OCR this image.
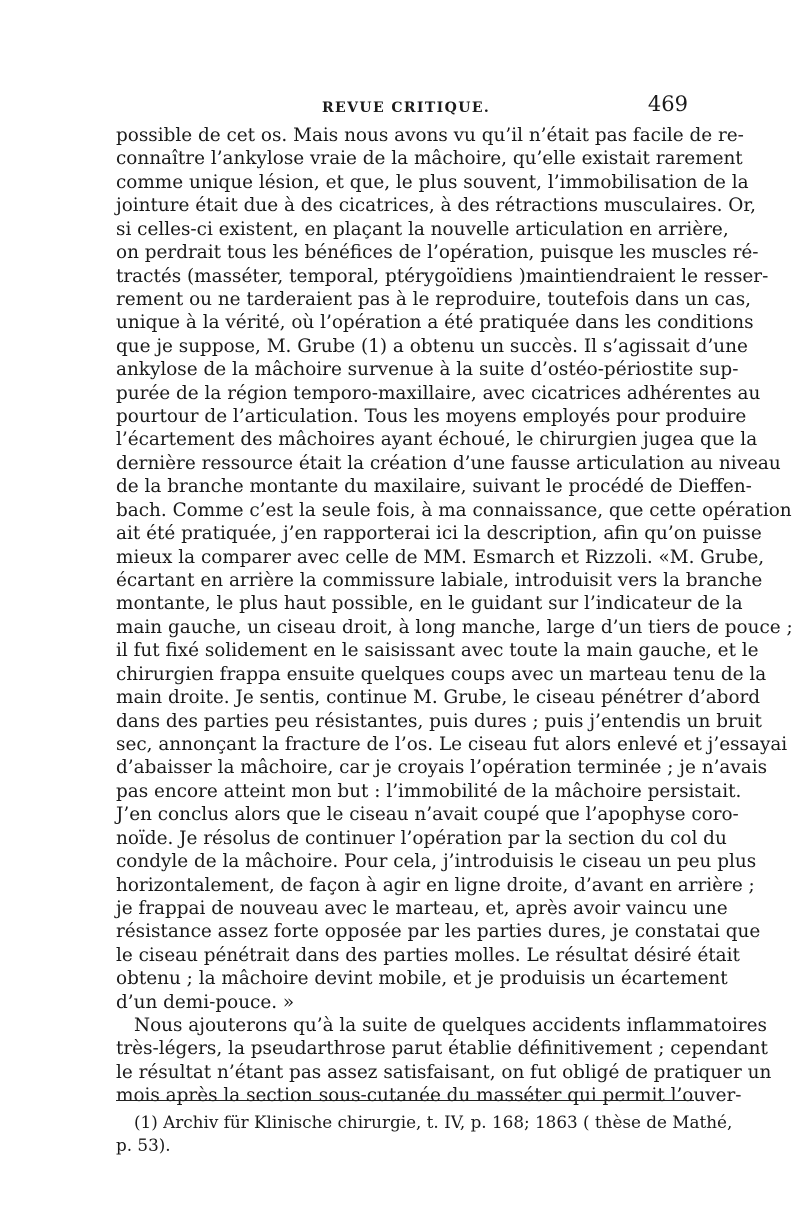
REVUE CRITIQUE.	469
possible de cet os. Mais nous avons vu qu’il n’était pas facile de re-
connaître l’ankylose vraie de la mâchoire, qu’elle existait rarement
comme unique lésion, et que, le plus souvent, l’immobilisation de la
jointure était due à des cicatrices, à des rétractions musculaires. Or,
si celles-ci existent, en plaçant la nouvelle articulation en arrière,
on perdrait tous les bénéfices de l’opération, puisque les muscles ré-
tractés (masséter, temporal, ptérygoïdiens )maintiendraient le resser-
rement ou ne tarderaient pas à le reproduire, toutefois dans un cas,
unique à la vérité, où l’opération a été pratiquée dans les conditions
que je suppose, M. Grube (1) a obtenu un succès. Il s’agissait d’une
ankylose de la mâchoire survenue à la suite d’ostéo-périostite sup-
purée de la région temporo-maxillaire, avec cicatrices adhérentes au
pourtour de l’articulation. Tous les moyens employés pour produire
l’écartement des mâchoires ayant échoué, le chirurgien jugea que la
dernière ressource était la création d’une fausse articulation au niveau
de la branche montante du maxilaire, suivant le procédé de Dieffen-
bach. Comme c’est la seule fois, à ma connaissance, que cette opération
ait été pratiquée, j’en rapporterai ici la description, afin qu’on puisse
mieux la comparer avec celle de MM. Esmarch et Rizzoli. «M. Grube,
écartant en arrière la commissure labiale, introduisit vers la branche
montante, le plus haut possible, en le guidant sur l’indicateur de la
main gauche, un ciseau droit, à long manche, large d’un tiers de pouce ;
il fut fixé solidement en le saisissant avec toute la main gauche, et le
chirurgien frappa ensuite quelques coups avec un marteau tenu de la
main droite. Je sentis, continue M. Grube, le ciseau pénétrer d’abord
dans des parties peu résistantes, puis dures ; puis j’entendis un bruit
sec, annonçant la fracture de l’os. Le ciseau fut alors enlevé et j’essayai
d’abaisser la mâchoire, car je croyais l’opération terminée ; je n’avais
pas encore atteint mon but : l’immobilité de la mâchoire persistait.
J’en conclus alors que le ciseau n’avait coupé que l’apophyse coro-
noïde. Je résolus de continuer l’opération par la section du col du
condyle de la mâchoire. Pour cela, j’introduisis le ciseau un peu plus
horizontalement, de façon à agir en ligne droite, d’avant en arrière ;
je frappai de nouveau avec le marteau, et, après avoir vaincu une
résistance assez forte opposée par les parties dures, je constatai que
le ciseau pénétrait dans des parties molles. Le résultat désiré était
obtenu ; la mâchoire devint mobile, et je produisis un écartement
d’un demi-pouce. »
Nous ajouterons qu’à la suite de quelques accidents inflammatoires
très-légers, la pseudarthrose parut établie définitivement ; cependant
le résultat n’étant pas assez satisfaisant, on fut obligé de pratiquer un
mois après la section sous-cutanée du masséter qui permit l’ouver-
(1) Archiv für Klinische chirurgie, t. IV, p. 168; 1863 ( thèse de Mathé,
p. 53).
